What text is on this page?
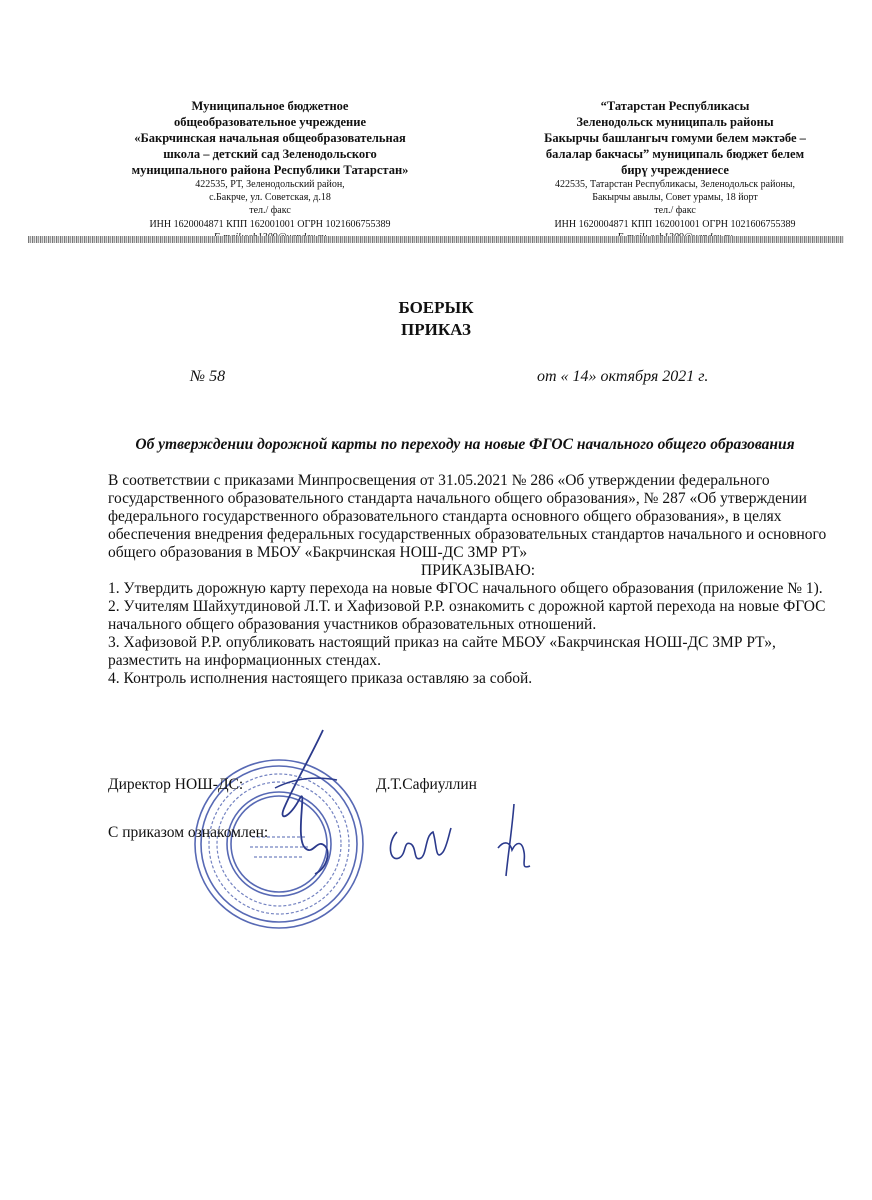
Муниципальное бюджетное
общеобразовательное учреждение
«Бакрчинская начальная общеобразовательная
школа – детский сад Зеленодольского
муниципального района Республики Татарстан»
422535, РТ, Зеленодольский район,
с.Бакрче, ул. Советская, д.18
тел./ факс
ИНН 1620004871 КПП 162001001 ОГРН 1021606755389
“Татарстан Республикасы
Зеленодольск муниципаль районы
Бакырчы башлангыч гомуми белем мәктәбе –
балалар бакчасы” муниципаль бюджет белем
бирү учреждениесе
422535, Татарстан Республикасы, Зеленодольск районы,
Бакырчы авылы, Совет урамы, 18 йорт
тел./ факс
ИНН 1620004871 КПП 162001001 ОГРН 1021606755389
БОЕРЫК
ПРИКАЗ
№ 58	от « 14» октября 2021 г.
Об утверждении дорожной карты по переходу на новые ФГОС начального общего образования

В соответствии с приказами Минпросвещения от 31.05.2021 № 286 «Об утверждении федерального государственного образовательного стандарта начального общего образования», № 287 «Об утверждении федерального государственного образовательного стандарта основного общего образования», в целях обеспечения внедрения федеральных государственных образовательных стандартов начального и основного общего образования в МБОУ «Бакрчинская НОШ-ДС ЗМР РТ»

ПРИКАЗЫВАЮ:

1. Утвердить дорожную карту перехода на новые ФГОС начального общего образования (приложение № 1).

2. Учителям Шайхутдиновой Л.Т. и Хафизовой Р.Р. ознакомить с дорожной картой перехода на новые ФГОС начального общего образования участников образовательных отношений.

3. Хафизовой Р.Р. опубликовать настоящий приказ на сайте МБОУ «Бакрчинская НОШ-ДС ЗМР РТ», разместить на информационных стендах.

4. Контроль исполнения настоящего приказа оставляю за собой.

Директор НОШ-ДС:	Д.Т.Сафиуллин
С приказом ознакомлен:
